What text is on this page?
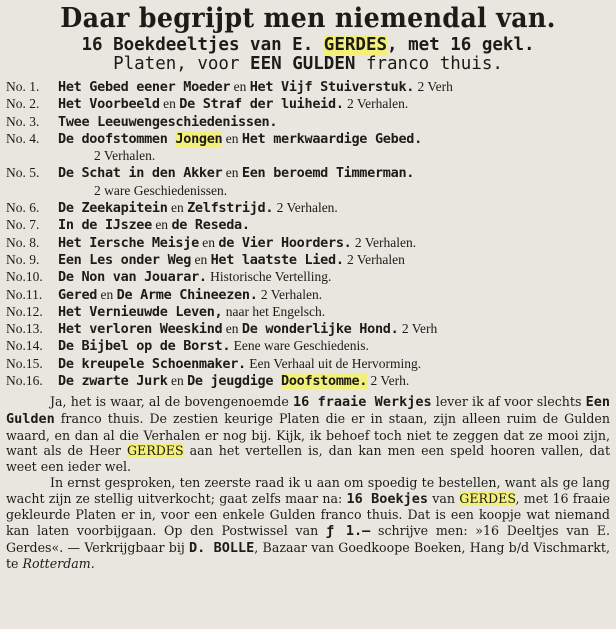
Daar begrijpt men niemendal van.
16 Boekdeeltjes van E. GERDES, met 16 gekl.
Platen, voor EEN GULDEN franco thuis.
No. 1. Het Gebed eener Moeder en Het Vijf Stuiverstuk. 2 Verh
No. 2. Het Voorbeeld en De Straf der luiheid. 2 Verhalen.
No. 3. Twee Leeuwengeschiedenissen.
No. 4. De doofstommen Jongen en Het merkwaardige Gebed.
2 Verhalen.
No. 5. De Schat in den Akker en Een beroemd Timmerman.
2 ware Geschiedenissen.
No. 6. De Zeekapitein en Zelfstrijd. 2 Verhalen.
No. 7. In de IJszee en de Reseda.
No. 8. Het Iersche Meisje en de Vier Hoorders. 2 Verhalen.
No. 9. Een Les onder Weg en Het laatste Lied. 2 Verhalen
No.10. De Non van Jouarar. Historische Vertelling.
No.11. Gered en De Arme Chineezen. 2 Verhalen.
No.12. Het Vernieuwde Leven, naar het Engelsch.
No.13. Het verloren Weeskind en De wonderlijke Hond. 2 Verh
No.14. De Bijbel op de Borst. Eene ware Geschiedenis.
No.15. De kreupele Schoenmaker. Een Verhaal uit de Hervorming.
No.16. De zwarte Jurk en De jeugdige Doofstomme. 2 Verh.

Ja, het is waar, al de bovengenoemde 16 fraaie Werkjes lever ik af voor slechts Een Gulden franco thuis. De zestien keurige Platen die er in staan, zijn alleen ruim de Gulden waard, en dan al die Verhalen er nog bij. Kijk, ik behoef toch niet te zeggen dat ze mooi zijn, want als de Heer GERDES aan het vertellen is, dan kan men een speld hooren vallen, dat weet een ieder wel.

In ernst gesproken, ten zeerste raad ik u aan om spoedig te bestellen, want als ge lang wacht zijn ze stellig uitverkocht; gaat zelfs maar na: 16 Boekjes van GERDES, met 16 fraaie gekleurde Platen er in, voor een enkele Gulden franco thuis. Dat is een koopje wat niemand kan laten voorbijgaan. Op den Postwissel van ƒ 1.— schrijve men: »16 Deeltjes van E. Gerdes«. — Verkrijgbaar bij D. BOLLE, Bazaar van Goedkoope Boeken, Hang b/d Vischmarkt, te Rotterdam.
